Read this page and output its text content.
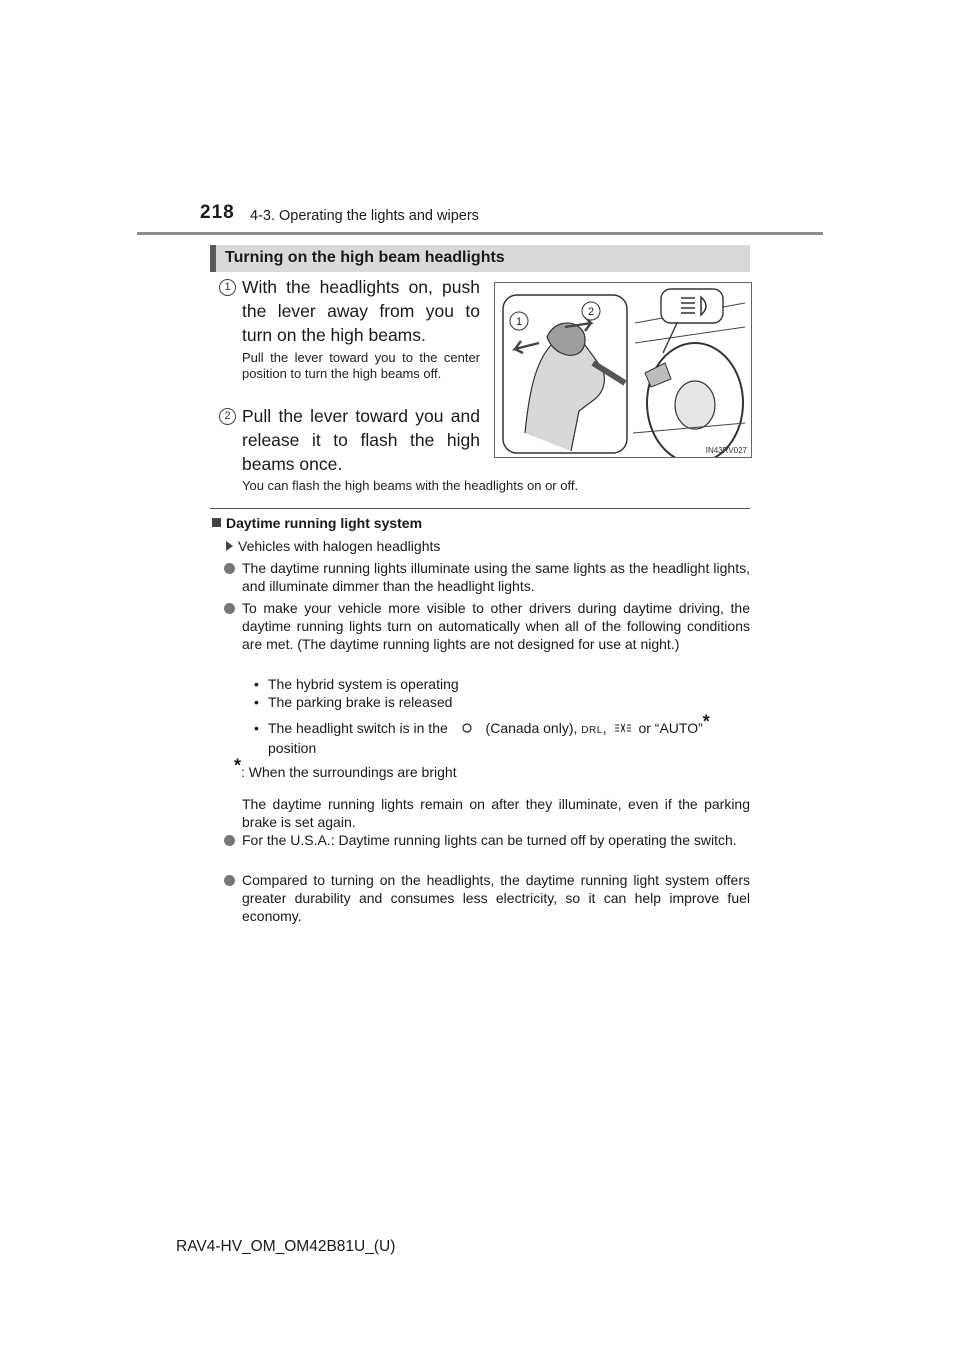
218 4-3. Operating the lights and wipers
Turning on the high beam headlights
1 With the headlights on, push the lever away from you to turn on the high beams.
Pull the lever toward you to the center position to turn the high beams off.
2 Pull the lever toward you and release it to flash the high beams once.
You can flash the high beams with the headlights on or off.
1
2
IN43RV027
Daytime running light system
Vehicles with halogen headlights
The daytime running lights illuminate using the same lights as the headlight lights, and illuminate dimmer than the headlight lights.
To make your vehicle more visible to other drivers during daytime driving, the daytime running lights turn on automatically when all of the following conditions are met. (The daytime running lights are not designed for use at night.)
• The hybrid system is operating
• The parking brake is released
• The headlight switch is in the	(Canada only), DRL,  or “AUTO”*
position
*: When the surroundings are bright
The daytime running lights remain on after they illuminate, even if the parking brake is set again.
For the U.S.A.: Daytime running lights can be turned off by operating the switch.
Compared to turning on the headlights, the daytime running light system offers greater durability and consumes less electricity, so it can help improve fuel economy.
RAV4-HV_OM_OM42B81U_(U)
